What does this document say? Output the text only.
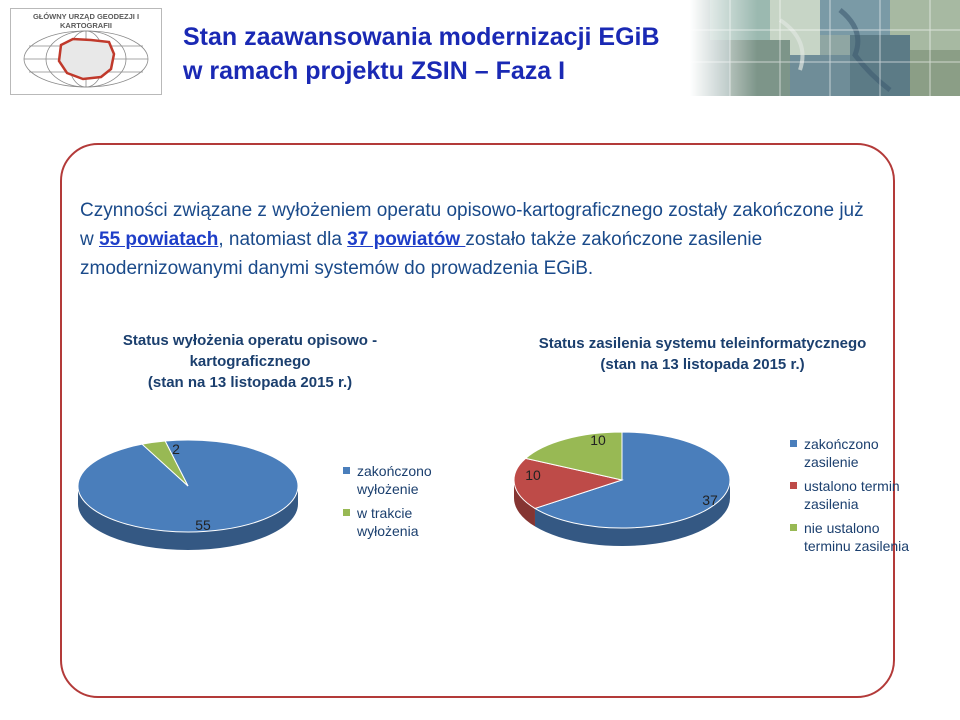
GŁÓWNY URZĄD GEODEZJI I KARTOGRAFII	Stan zaawansowania modernizacji EGiB
w ramach projektu ZSIN – Faza I
Czynności związane z wyłożeniem operatu opisowo-kartograficznego zostały zakończone już w 55 powiatach, natomiast dla 37 powiatów zostało także zakończone zasilenie zmodernizowanymi danymi systemów do prowadzenia EGiB.
Status wyłożenia operatu opisowo -
kartograficznego
(stan na 13 listopada 2015 r.)
Status zasilenia systemu teleinformatycznego
(stan na 13 listopada 2015 r.)
55
2
37
10
10
zakończono wyłożenie
w trakcie wyłożenia
zakończono zasilenie
ustalono termin zasilenia
nie ustalono terminu zasilenia
